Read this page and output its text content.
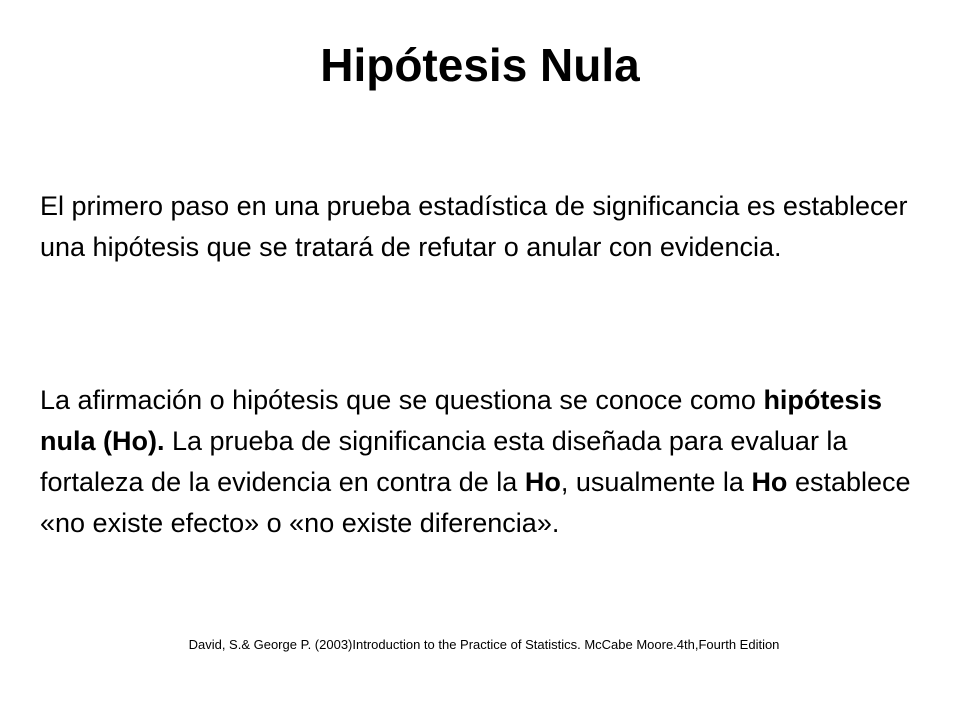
Hipótesis Nula
El primero paso en una prueba estadística de significancia es establecer una hipótesis que se tratará de refutar o anular con evidencia.
La afirmación o hipótesis que se questiona se conoce como hipótesis nula (Ho). La prueba de significancia esta diseñada para evaluar la fortaleza de la evidencia en contra de la Ho, usualmente la Ho establece «no existe efecto» o «no existe diferencia».
David, S.& George P. (2003)Introduction to the Practice of Statistics. McCabe Moore.4th,Fourth Edition
